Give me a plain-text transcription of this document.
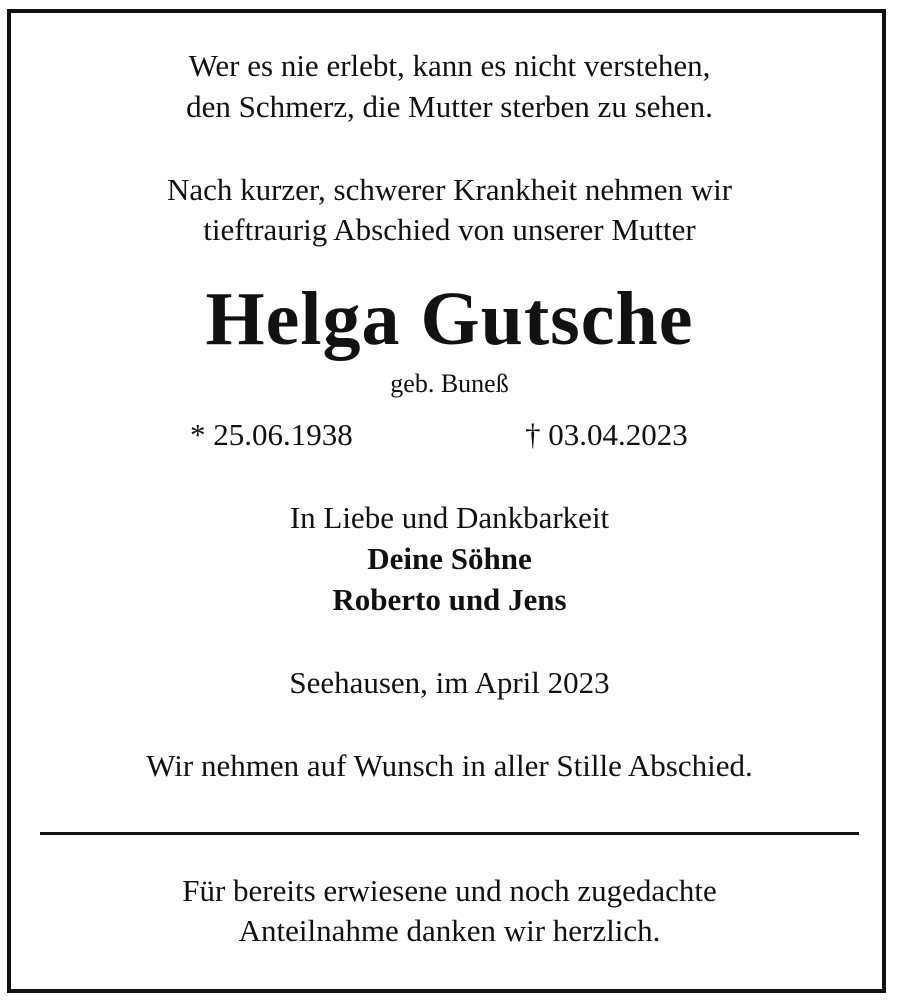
Wer es nie erlebt, kann es nicht verstehen,
den Schmerz, die Mutter sterben zu sehen.
Nach kurzer, schwerer Krankheit nehmen wir
tieftraurig Abschied von unserer Mutter
Helga Gutsche
geb. Buneß
* 25.06.1938	† 03.04.2023
In Liebe und Dankbarkeit
Deine Söhne
Roberto und Jens
Seehausen, im April 2023
Wir nehmen auf Wunsch in aller Stille Abschied.
Für bereits erwiesene und noch zugedachte
Anteilnahme danken wir herzlich.
